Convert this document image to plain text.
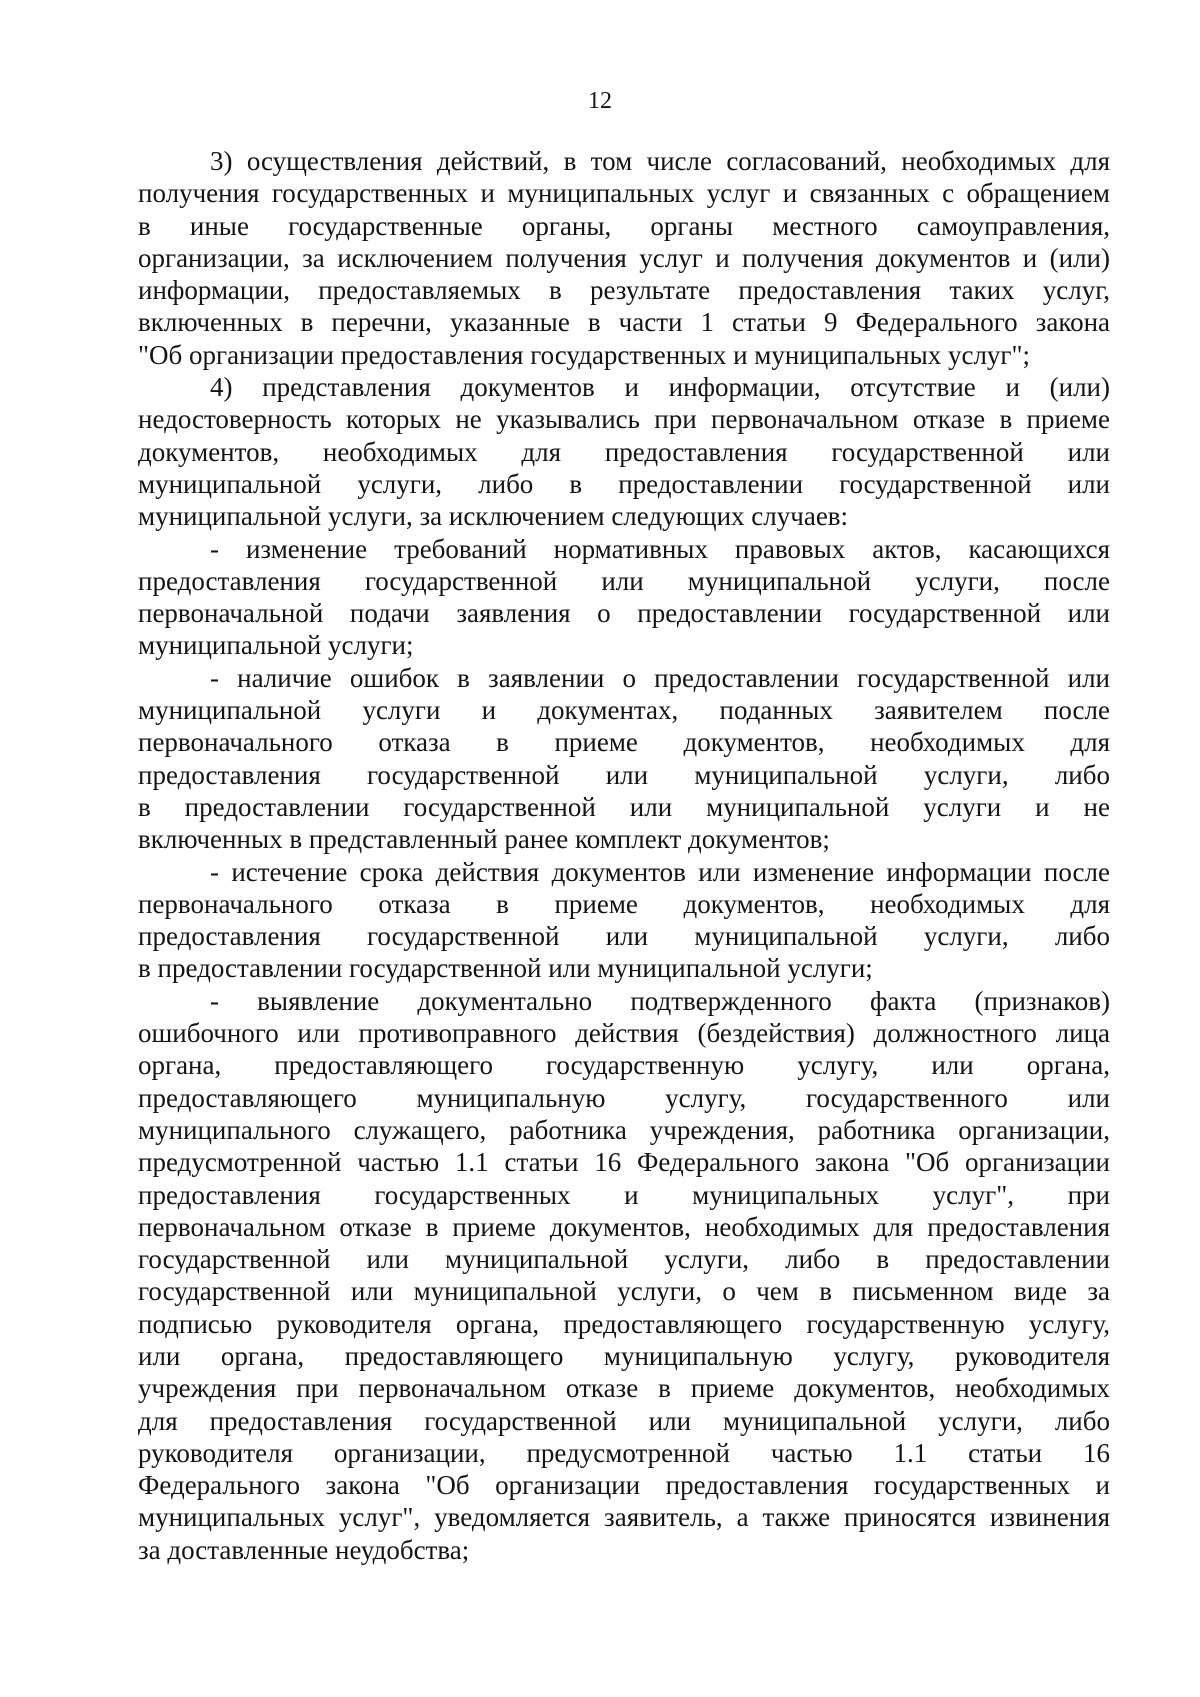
12
3) осуществления действий, в том числе согласований, необходимых для
получения государственных и муниципальных услуг и связанных с обращением
в иные государственные органы, органы местного самоуправления,
организации, за исключением получения услуг и получения документов и (или)
информации, предоставляемых в результате предоставления таких услуг,
включенных в перечни, указанные в части 1 статьи 9 Федерального закона
"Об организации предоставления государственных и муниципальных услуг";
4) представления документов и информации, отсутствие и (или)
недостоверность которых не указывались при первоначальном отказе в приеме
документов, необходимых для предоставления государственной или
муниципальной услуги, либо в предоставлении государственной или
муниципальной услуги, за исключением следующих случаев:
- изменение требований нормативных правовых актов, касающихся
предоставления государственной или муниципальной услуги, после
первоначальной подачи заявления о предоставлении государственной или
муниципальной услуги;
- наличие ошибок в заявлении о предоставлении государственной или
муниципальной услуги и документах, поданных заявителем после
первоначального отказа в приеме документов, необходимых для
предоставления государственной или муниципальной услуги, либо
в предоставлении государственной или муниципальной услуги и не
включенных в представленный ранее комплект документов;
- истечение срока действия документов или изменение информации после
первоначального отказа в приеме документов, необходимых для
предоставления государственной или муниципальной услуги, либо
в предоставлении государственной или муниципальной услуги;
- выявление документально подтвержденного факта (признаков)
ошибочного или противоправного действия (бездействия) должностного лица
органа, предоставляющего государственную услугу, или органа,
предоставляющего муниципальную услугу, государственного или
муниципального служащего, работника учреждения, работника организации,
предусмотренной частью 1.1 статьи 16 Федерального закона "Об организации
предоставления государственных и муниципальных услуг", при
первоначальном отказе в приеме документов, необходимых для предоставления
государственной или муниципальной услуги, либо в предоставлении
государственной или муниципальной услуги, о чем в письменном виде за
подписью руководителя органа, предоставляющего государственную услугу,
или органа, предоставляющего муниципальную услугу, руководителя
учреждения при первоначальном отказе в приеме документов, необходимых
для предоставления государственной или муниципальной услуги, либо
руководителя организации, предусмотренной частью 1.1 статьи 16
Федерального закона "Об организации предоставления государственных и
муниципальных услуг", уведомляется заявитель, а также приносятся извинения
за доставленные неудобства;
